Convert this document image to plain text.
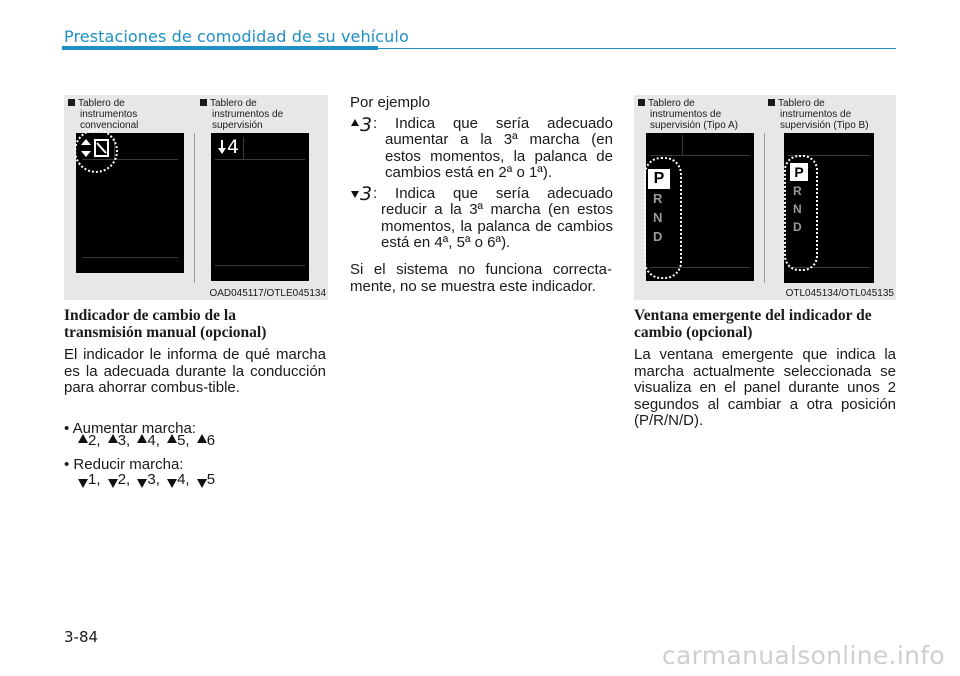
Prestaciones de comodidad de su vehículo
Tablero de
instrumentos
convencional
Tablero de
instrumentos de
supervisión
4
OAD045117/OTLE045134
Indicador de cambio de la
transmisión manual (opcional)
El indicador le informa de qué marcha es la adecuada durante la conducción para ahorrar combus-tible.
• Aumentar marcha:
2, 3, 4, 5, 6
• Reducir marcha:
1, 2, 3, 4, 5
Por ejemplo
3 : Indica que sería adecuado
aumentar a la 3ª marcha (en estos momentos, la palanca de cambios está en 2ª o 1ª).
3 : Indica que sería adecuado
reducir a la 3ª marcha (en estos momentos, la palanca de cambios está en 4ª, 5ª o 6ª).
Si el sistema no funciona correcta-mente, no se muestra este indicador.
Tablero de
instrumentos de
supervisión (Tipo A)
Tablero de
instrumentos de
supervisión (Tipo B)
P
R
N
D
P
R
N
D
OTL045134/OTL045135
Ventana emergente del indicador de
cambio (opcional)
La ventana emergente que indica la marcha actualmente seleccionada se visualiza en el panel durante unos 2 segundos al cambiar a otra posición (P/R/N/D).
3-84
carmanualsonline.info
